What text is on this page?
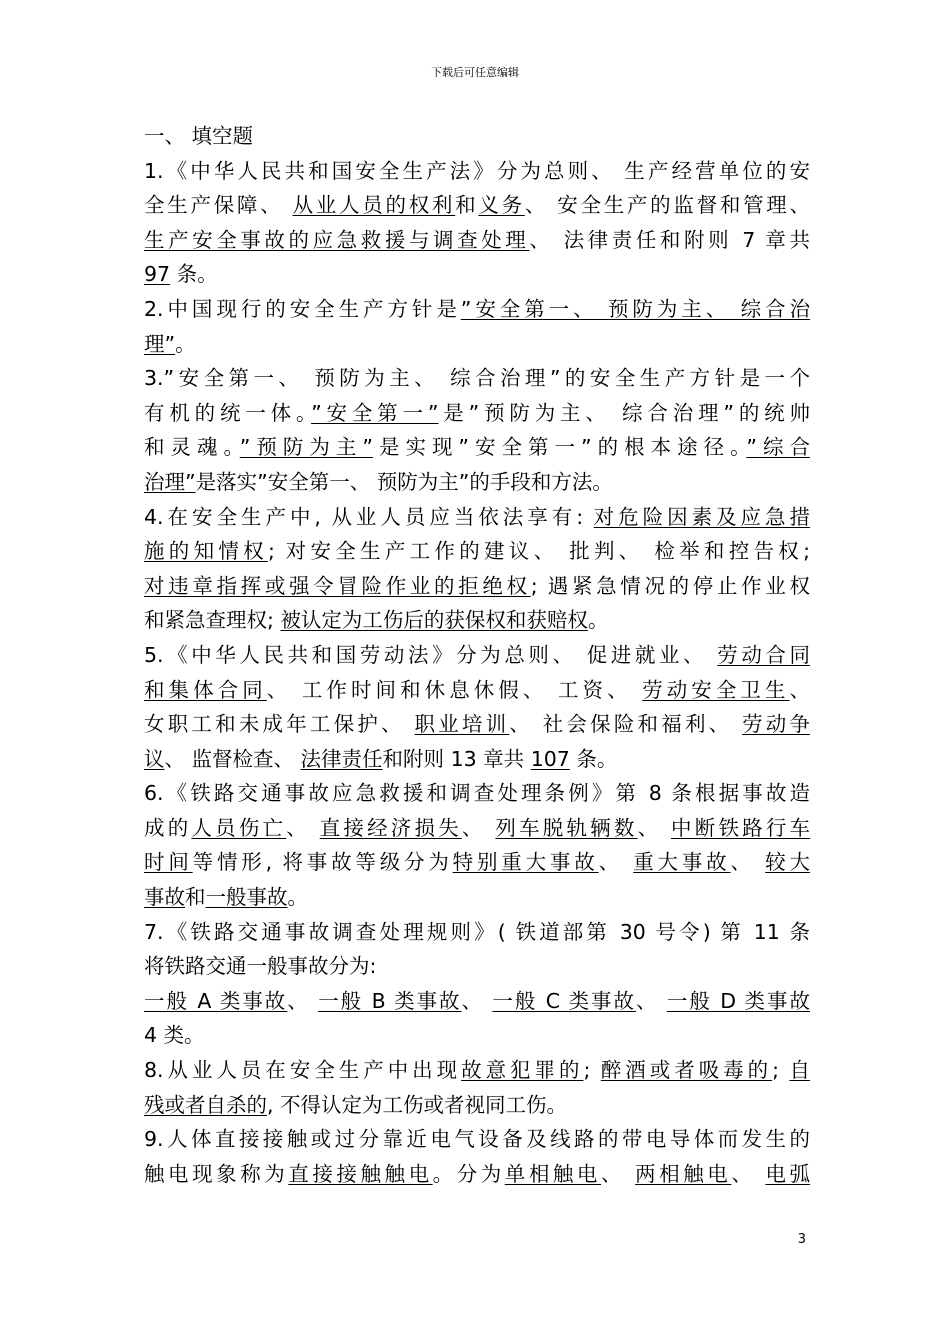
下载后可任意编辑
一、 填空题
1.《中华人民共和国安全生产法》分为总则、 生产经营单位的安
全生产保障、 从业人员的权利和义务、 安全生产的监督和管理、
生产安全事故的应急救援与调查处理、 法律责任和附则 7 章共
97 条。
2.中国现行的安全生产方针是”安全第一、 预防为主、 综合治
理”。
3.”安全第一、 预防为主、 综合治理”的安全生产方针是一个
有机的统一体。”安全第一”是”预防为主、 综合治理”的统帅
和灵魂。”预防为主”是实现”安全第一”的根本途径。”综合
治理”是落实”安全第一、 预防为主”的手段和方法。
4.在安全生产中, 从业人员应当依法享有: 对危险因素及应急措
施的知情权; 对安全生产工作的建议、 批判、 检举和控告权;
对违章指挥或强令冒险作业的拒绝权; 遇紧急情况的停止作业权
和紧急查理权; 被认定为工伤后的获保权和获赔权。
5.《中华人民共和国劳动法》分为总则、 促进就业、 劳动合同
和集体合同、 工作时间和休息休假、 工资、 劳动安全卫生、
女职工和未成年工保护、 职业培训、 社会保险和福利、 劳动争
议、 监督检查、 法律责任和附则 13 章共 107 条。
6.《铁路交通事故应急救援和调查处理条例》第 8 条根据事故造
成的人员伤亡、 直接经济损失、 列车脱轨辆数、 中断铁路行车
时间等情形, 将事故等级分为特别重大事故、 重大事故、 较大
事故和一般事故。
7.《铁路交通事故调查处理规则》( 铁道部第 30 号令) 第 11 条
将铁路交通一般事故分为:
一般 A 类事故、 一般 B 类事故、 一般 C 类事故、 一般 D 类事故
4 类。
8.从业人员在安全生产中出现故意犯罪的; 醉酒或者吸毒的; 自
残或者自杀的, 不得认定为工伤或者视同工伤。
9.人体直接接触或过分靠近电气设备及线路的带电导体而发生的
触电现象称为直接接触触电。分为单相触电、 两相触电、 电弧
3
